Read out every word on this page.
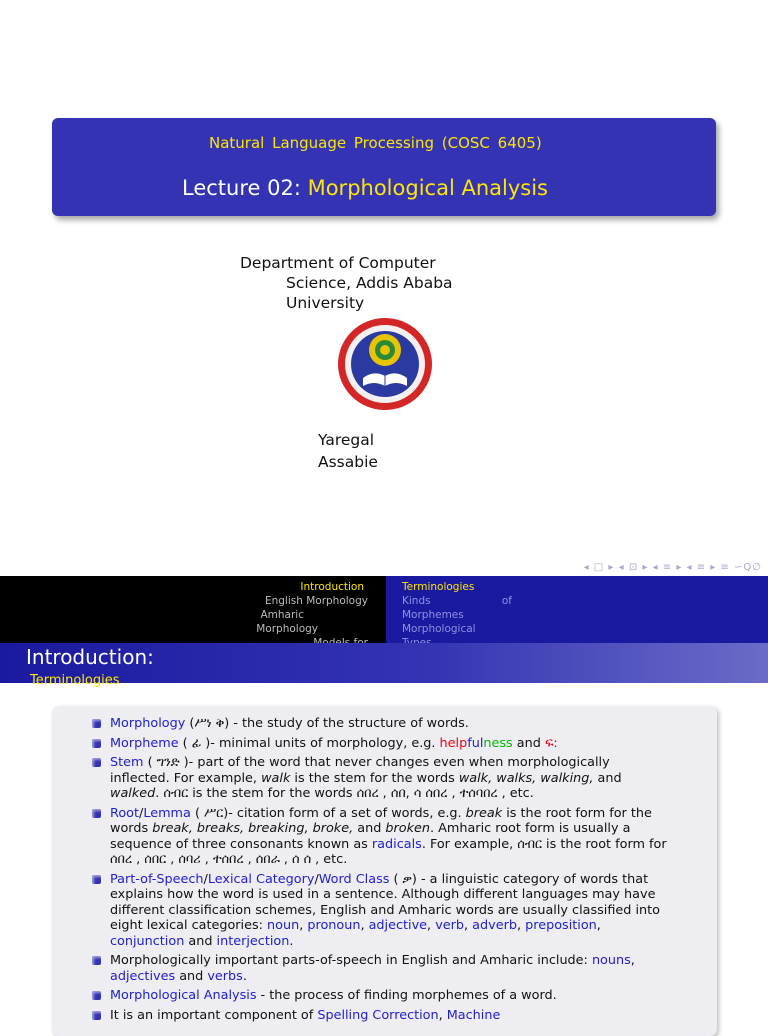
Natural Language Processing (COSC 6405)
Lecture 02: Morphological Analysis
Department of Computer
Science, Addis Ababa
University
Yaregal
Assabie
◂ □ ▸ ◂ ⊡ ▸ ◂ ≡ ▸ ◂ ≡ ▸ ≡ ∽Q∅
Introduction
English Morphology
Amharic
Morphology
Terminologies
Kinds	of
Morphemes
Morphological
Introduction:
Terminologies
Morphology (ሥነ ቅ) - the study of the structure of words.
Morpheme ( ፊ )- minimal units of morphology, e.g. helpfulness and ፍ:
Stem ( ግንድ )- part of the word that never changes even when morphologically inflected. For example, walk is the stem for the words walk, walks, walking, and walked. ሰብር is the stem for the words ሰበረ , ሰበ, ሳ ሰበረ , ተሰባበረ , etc.
Root/Lemma ( ሥር)- citation form of a set of words, e.g. break is the root form for the words break, breaks, breaking, broke, and broken. Amharic root form is usually a sequence of three consonants known as radicals. For example, ሰብር is the root form for ሰበረ , ሰበር , ሰባሪ , ተሰበረ , ሰበራ , ሰ ሰ , etc.
Part-of-Speech/Lexical Category/Word Class ( ቃ) - a linguistic category of words that explains how the word is used in a sentence. Although different languages may have different classification schemes, English and Amharic words are usually classified into eight lexical categories: noun, pronoun, adjective, verb, adverb, preposition, conjunction and interjection.
Morphologically important parts-of-speech in English and Amharic include: nouns, adjectives and verbs.
Morphological Analysis - the process of finding morphemes of a word.
It is an important component of Spelling Correction, Machine
